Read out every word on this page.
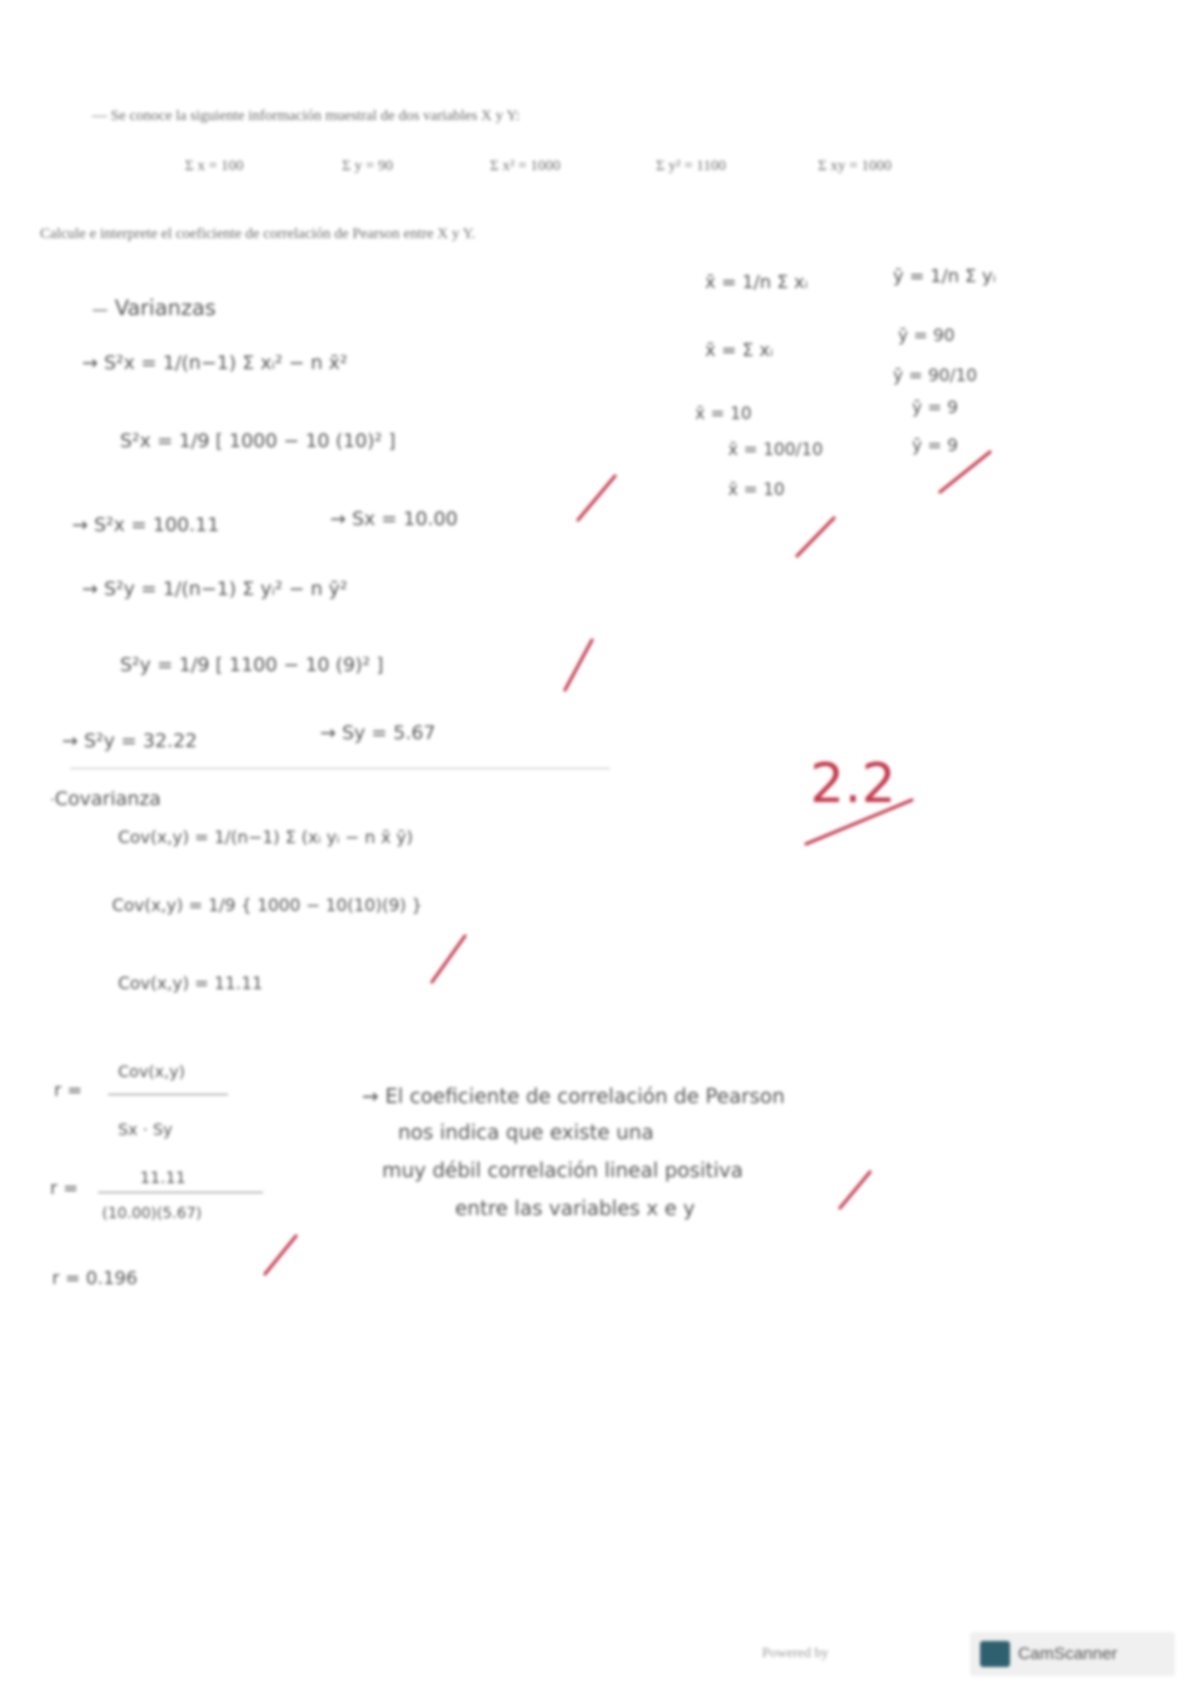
— Se conoce la siguiente información muestral de dos variables X y Y:
Σ x = 100	Σ y = 90	Σ x² = 1000	Σ y² = 1100	Σ xy = 1000
Calcule e interprete el coeficiente de correlación de Pearson entre X y Y.
— Varianzas
→ S²x = 1/(n−1) Σ xᵢ² − n x̄²
S²x = 1/9 [ 1000 − 10 (10)² ]
→ S²x = 100.11	→ Sx = 10.00
→ S²y = 1/(n−1) Σ yᵢ² − n ȳ²
S²y = 1/9 [ 1100 − 10 (9)² ]
→ S²y = 32.22	→ Sy = 5.67
x̄ = 1/n Σ xᵢ
x̄ = Σ xᵢ
x̄ = 10
x̄ = 100/10
x̄ = 10
ȳ = 1/n Σ yᵢ
ȳ = 90
ȳ = 90/10
ȳ = 9
ȳ = 9
·Covarianza
Cov(x,y) = 1/(n−1) Σ (xᵢ yᵢ − n x̄ ȳ)
Cov(x,y) = 1/9 { 1000 − 10(10)(9) }
Cov(x,y) = 11.11
r =
Cov(x,y)
Sx · Sy
r =
11.11
(10.00)(5.67)
r = 0.196
→ El coeficiente de correlación de Pearson
nos indica que existe una
muy débil correlación lineal positiva
entre las variables x e y
2.2
Powered by	CamScanner
